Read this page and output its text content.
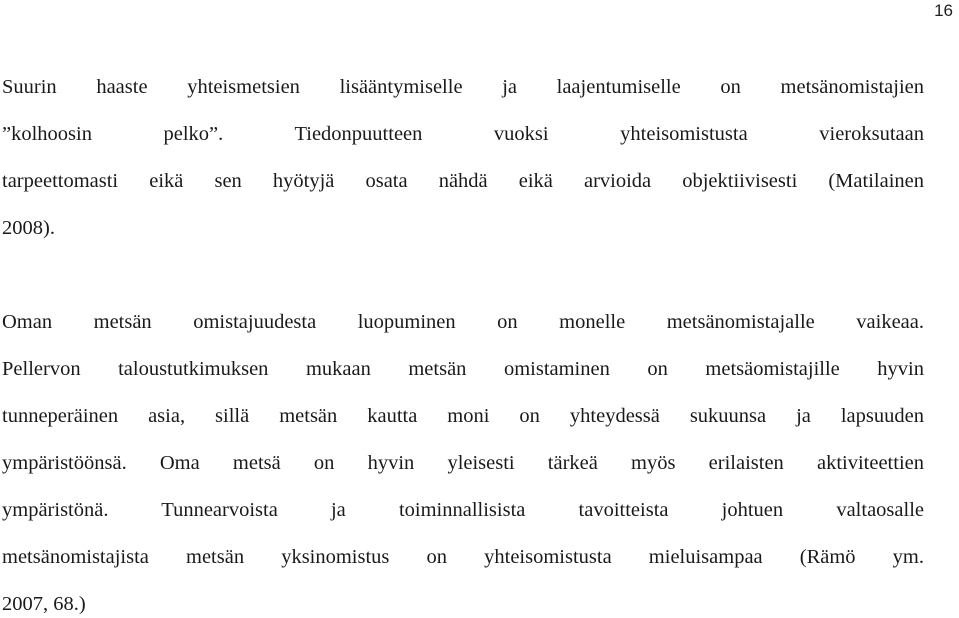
16
Suurin haaste yhteismetsien lisääntymiselle ja laajentumiselle on metsänomistajien
”kolhoosin pelko”. Tiedonpuutteen vuoksi yhteisomistusta vieroksutaan
tarpeettomasti eikä sen hyötyjä osata nähdä eikä arvioida objektiivisesti (Matilainen
2008).
Oman metsän omistajuudesta luopuminen on monelle metsänomistajalle vaikeaa.
Pellervon taloustutkimuksen mukaan metsän omistaminen on metsäomistajille hyvin
tunneperäinen asia, sillä metsän kautta moni on yhteydessä sukuunsa ja lapsuuden
ympäristöönsä. Oma metsä on hyvin yleisesti tärkeä myös erilaisten aktiviteettien
ympäristönä. Tunnearvoista ja toiminnallisista tavoitteista johtuen valtaosalle
metsänomistajista metsän yksinomistus on yhteisomistusta mieluisampaa (Rämö ym.
2007, 68.)
